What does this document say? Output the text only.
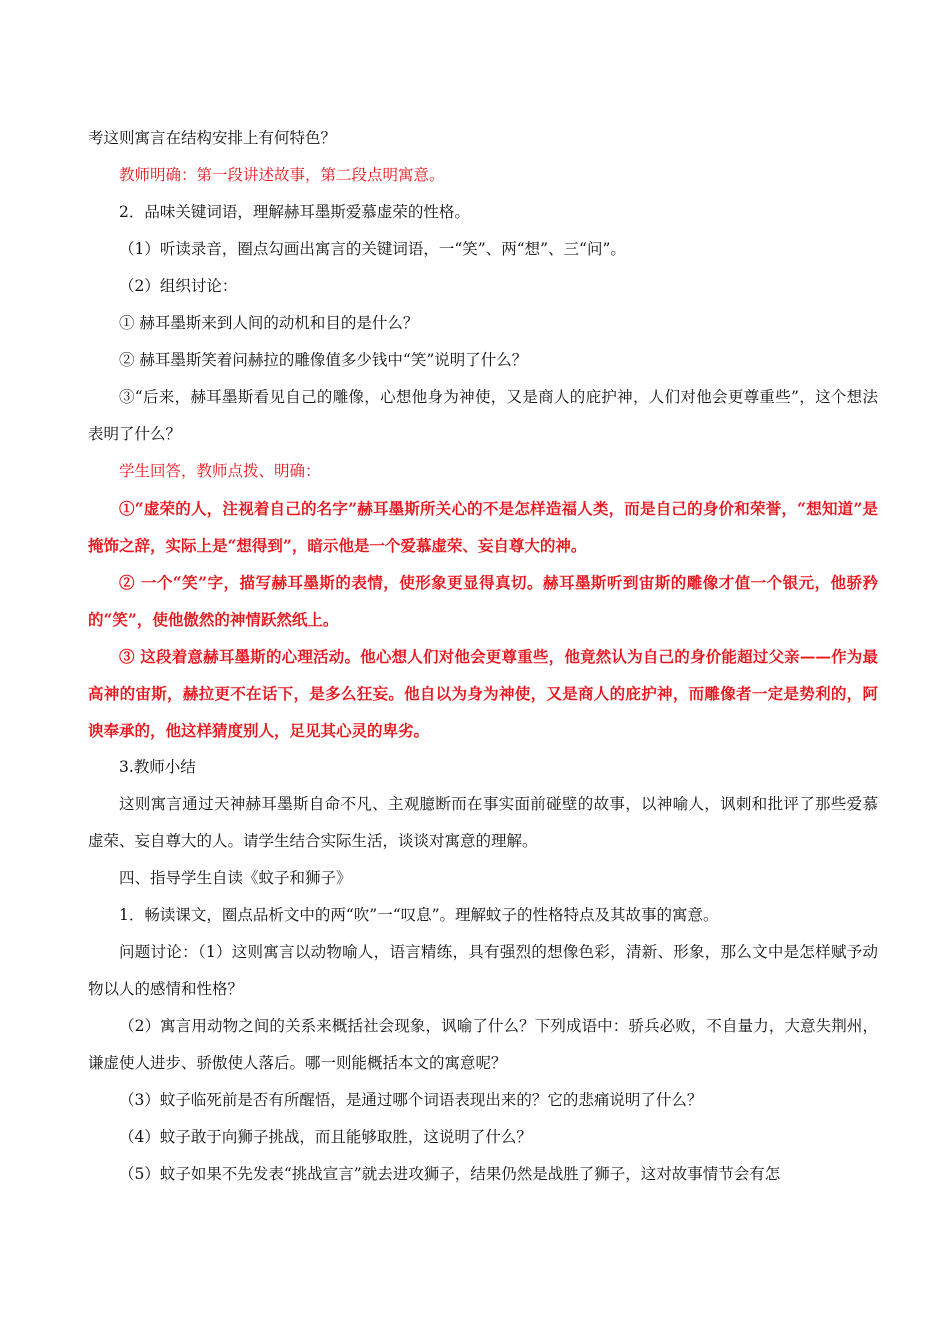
考这则寓言在结构安排上有何特色？

教师明确：第一段讲述故事，第二段点明寓意。

2．品味关键词语，理解赫耳墨斯爱慕虚荣的性格。

（1）听读录音，圈点勾画出寓言的关键词语，一“笑”、两“想”、三“问”。

（2）组织讨论：

① 赫耳墨斯来到人间的动机和目的是什么？

② 赫耳墨斯笑着问赫拉的雕像值多少钱中“笑”说明了什么？

③“后来，赫耳墨斯看见自己的雕像，心想他身为神使，又是商人的庇护神，人们对他会更尊重些”，这个想法表明了什么？

学生回答，教师点拨、明确：

①“虚荣的人，注视着自己的名字”赫耳墨斯所关心的不是怎样造福人类，而是自己的身价和荣誉，“想知道”是掩饰之辞，实际上是“想得到”，暗示他是一个爱慕虚荣、妄自尊大的神。

② 一个“笑”字，描写赫耳墨斯的表情，使形象更显得真切。赫耳墨斯听到宙斯的雕像才值一个银元，他骄矜的“笑”，使他傲然的神情跃然纸上。

③ 这段着意赫耳墨斯的心理活动。他心想人们对他会更尊重些，他竟然认为自己的身价能超过父亲——作为最高神的宙斯，赫拉更不在话下，是多么狂妄。他自以为身为神使，又是商人的庇护神，而雕像者一定是势利的，阿谀奉承的，他这样猜度别人，足见其心灵的卑劣。

3.教师小结

这则寓言通过天神赫耳墨斯自命不凡、主观臆断而在事实面前碰壁的故事，以神喻人，讽刺和批评了那些爱慕虚荣、妄自尊大的人。请学生结合实际生活，谈谈对寓意的理解。

四、指导学生自读《蚊子和狮子》

1．畅读课文，圈点品析文中的两“吹”一“叹息”。理解蚊子的性格特点及其故事的寓意。

问题讨论：（1）这则寓言以动物喻人，语言精练，具有强烈的想像色彩，清新、形象，那么文中是怎样赋予动物以人的感情和性格？

（2）寓言用动物之间的关系来概括社会现象，讽喻了什么？下列成语中：骄兵必败，不自量力，大意失荆州，谦虚使人进步、骄傲使人落后。哪一则能概括本文的寓意呢？

（3）蚊子临死前是否有所醒悟，是通过哪个词语表现出来的？它的悲痛说明了什么？

（4）蚊子敢于向狮子挑战，而且能够取胜，这说明了什么？

（5）蚊子如果不先发表“挑战宣言”就去进攻狮子，结果仍然是战胜了狮子，这对故事情节会有怎
